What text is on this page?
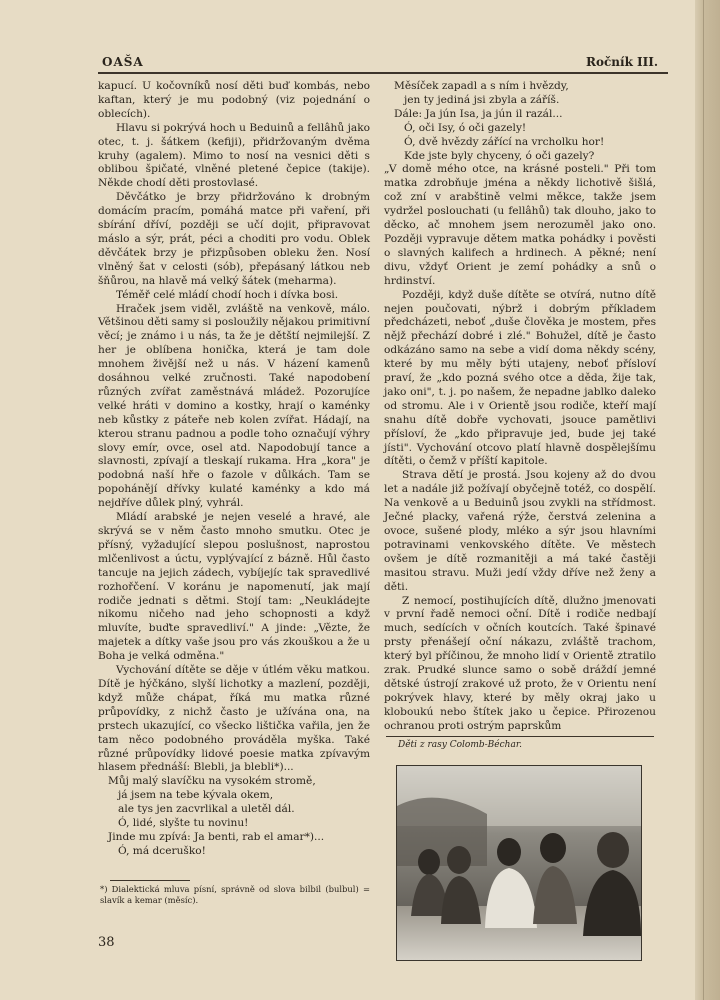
OAŠA	Ročník III.

kapucí. U kočovníků nosí děti buď kombás, nebo kaftan, který je mu podobný (viz pojednání o oblecích).

Hlavu si pokrývá hoch u Beduinů a fellâhů jako otec, t. j. šátkem (kefiji), přidržovaným dvěma kruhy (agalem). Mimo to nosí na vesnici děti s oblibou špičaté, vlněné pletené čepice (takije). Někde chodí děti prostovlasé.

Děvčátko je brzy přidržováno k drobným domácím pracím, pomáhá matce při vaření, při sbírání dříví, později se učí dojit, připravovat máslo a sýr, prát, péci a choditi pro vodu. Oblek děvčátek brzy je přizpůsoben obleku žen. Nosí vlněný šat v celosti (sób), přepásaný látkou neb šňůrou, na hlavě má velký šátek (meharma).

Téměř celé mládí chodí hoch i dívka bosi.

Hraček jsem viděl, zvláště na venkově, málo. Většinou děti samy si posloužily nějakou primitivní věcí; je známo i u nás, ta že je dětští nejmilejší. Z her je oblíbena honička, která je tam dole mnohem živější než u nás. V házení kamenů dosáhnou velké zručnosti. Také napodobení různých zvířat zaměstnává mládež. Pozorujíce velké hráti v domino a kostky, hrají o kaménky neb kůstky z páteře neb kolen zvířat. Hádají, na kterou stranu padnou a podle toho označují výhry slovy emír, ovce, osel atd. Napodobují tance a slavnosti, zpívají a tleskají rukama. Hra „kora" je podobná naší hře o fazole v důlkách. Tam se popohánějí dřívky kulaté kaménky a kdo má nejdříve důlek plný, vyhrál.

Mládí arabské je nejen veselé a hravé, ale skrývá se v něm často mnoho smutku. Otec je přísný, vyžadující slepou poslušnost, naprostou mlčenlivost a úctu, vyplývající z bázně. Hůl často tancuje na jejich zádech, vybíjejíc tak spravedlivé rozhořčení. V koránu je napomenutí, jak mají rodiče jednati s dětmi. Stojí tam: „Neukládejte nikomu ničeho nad jeho schopnosti a když mluvíte, buďte spravedliví." A jinde: „Vězte, že majetek a dítky vaše jsou pro vás zkouškou a že u Boha je velká odměna."

Vychování dítěte se děje v útlém věku matkou. Dítě je hýčkáno, slyší lichotky a mazlení, později, když může chápat, říká mu matka různé průpovídky, z nichž často je užívána ona, na prstech ukazující, co všecko lištička vařila, jen že tam něco podobného prováděla myška. Také různé průpovídky lidové poesie matka zpívavým hlasem přednáší: Blebli, ja blebli*)...

Můj malý slavíčku na vysokém stromě,

já jsem na tebe kývala okem,

ale tys jen zacvrlikal a uletěl dál.

Ó, lidé, slyšte tu novinu!

Jinde mu zpívá: Ja benti, rab el amar*)...

Ó, má dceruško!

Měsíček zapadl a s ním i hvězdy,

jen ty jediná jsi zbyla a záříš.

Dále: Ja jún Isa, ja jún il razál...

Ó, oči Isy, ó oči gazely!

Ó, dvě hvězdy zářící na vrcholku hor!

Kde jste byly chyceny, ó oči gazely?

„V domě mého otce, na krásné posteli." Při tom matka zdrobňuje jména a někdy lichotivě šišlá, což zní v arabštině velmi měkce, takže jsem vydržel poslouchati (u fellâhů) tak dlouho, jako to děcko, ač mnohem jsem nerozuměl jako ono. Později vypravuje dětem matka pohádky i pověsti o slavných kalifech a hrdinech. A pěkné; není divu, vždyť Orient je zemí pohádky a snů o hrdinství.

Později, když duše dítěte se otvírá, nutno dítě nejen poučovati, nýbrž i dobrým příkladem předcházeti, neboť „duše člověka je mostem, přes nějž přechází dobré i zlé." Bohužel, dítě je často odkázáno samo na sebe a vidí doma někdy scény, které by mu měly býti utajeny, neboť přísloví praví, že „kdo pozná svého otce a děda, žije tak, jako oni", t. j. po našem, že nepadne jablko daleko od stromu. Ale i v Orientě jsou rodiče, kteří mají snahu dítě dobře vychovati, jsouce pamětlivi přísloví, že „kdo připravuje jed, bude jej také jísti". Vychování otcovo platí hlavně dospělejšímu dítěti, o čemž v příští kapitole.

Strava dětí je prostá. Jsou kojeny až do dvou let a nadále již požívají obyčejně totéž, co dospělí. Na venkově a u Beduinů jsou zvykli na střídmost. Ječné placky, vařená rýže, čerstvá zelenina a ovoce, sušené plody, mléko a sýr jsou hlavními potravinami venkovského dítěte. Ve městech ovšem je dítě rozmanitěji a má také častěji masitou stravu. Muži jedí vždy dříve než ženy a děti.

Z nemocí, postihujících dítě, dlužno jmenovati v první řadě nemoci oční. Dítě i rodiče nedbají much, sedících v očních koutcích. Také špinavé prsty přenášejí oční nákazu, zvláště trachom, který byl příčinou, že mnoho lidí v Orientě ztratilo zrak. Prudké slunce samo o sobě dráždí jemné dětské ústrojí zrakové už proto, že v Orientu není pokrývek hlavy, které by měly okraj jako u kloboukú nebo štítek jako u čepice. Přirozenou ochranou proti ostrým paprskům

*) Dialektická mluva písní, správně od slova bilbil (bulbul) = slavík a kemar (měsíc).
38
Děti z rasy Colomb-Béchar.
